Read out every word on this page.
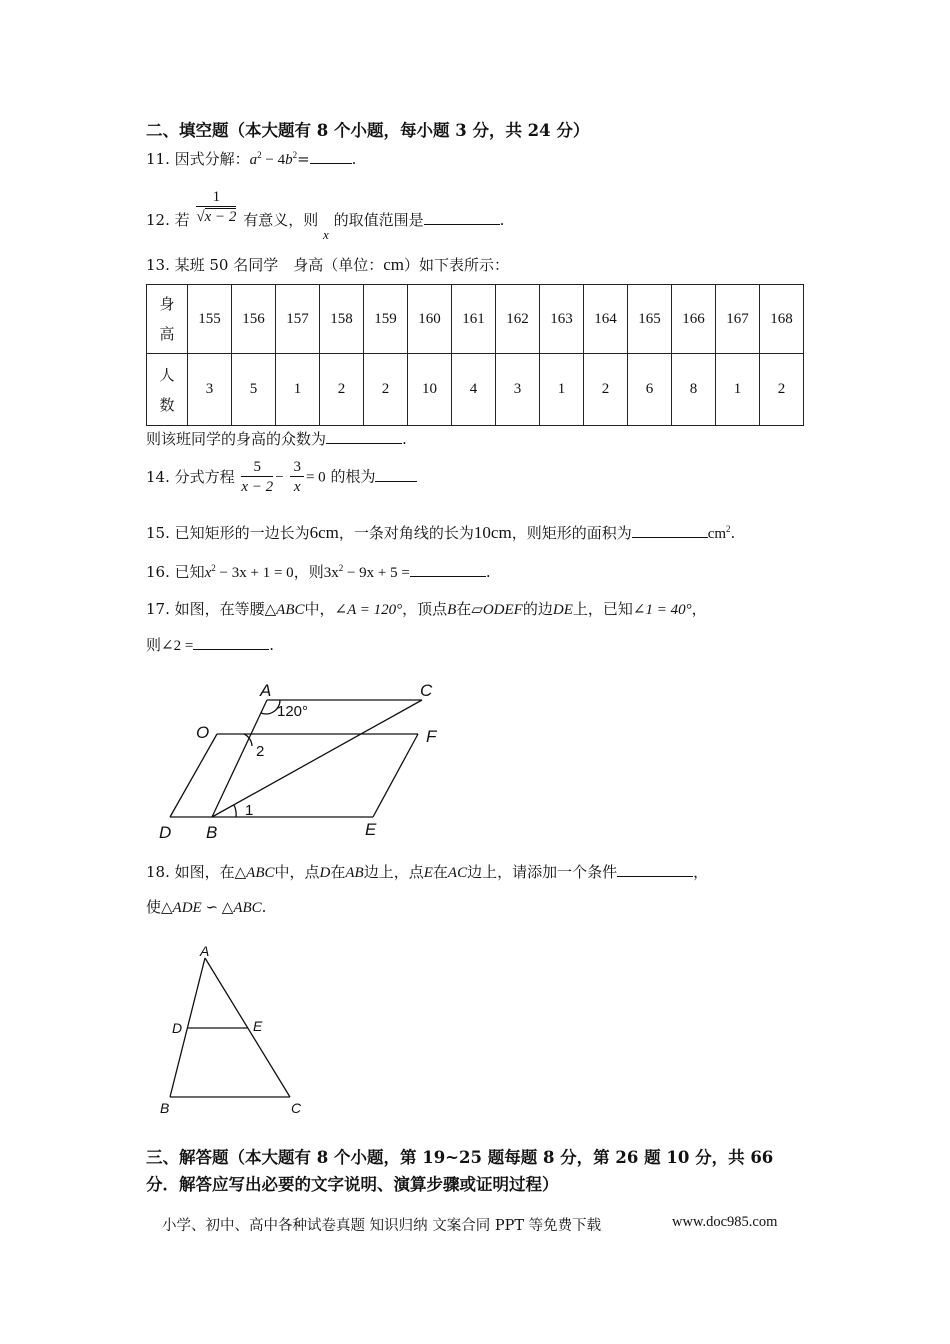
二、填空题（本大题有 8 个小题，每小题 3 分，共 24 分）
11. 因式分解：$a^2 - 4b^2=$	.
12. 若 $\frac{1}{√x - 2}$ 有意义，则 x 的取值范围是	.
13. 某班 50 名同学　身高（单位：cm）如下表所示：
身
高	155	156	157	158	159	160	161	162	163	164	165	166	167	168
人
数	3	5	1	2	2	10	4	3	1	2	6	8	1	2
则该班同学的身高的众数为	.
14. 分式方程 $\frac{5}{x - 2} - \frac{3}{x} = 0$ 的根为
15. 已知矩形的一边长为6cm，一条对角线的长为10cm，则矩形的面积为	$cm^2$.
16. 已知$x^2 - 3x + 1 = 0$，则$3x^2 - 9x + 5$ =	.
17. 如图，在等腰△ABC中，∠A = 120°，顶点B在▱ODEF的边DE上，已知∠1 = 40°，
则∠2 =	.
A	C
O	F
D B	E
120°
2
1
18. 如图，在△ABC中，点D在AB边上，点E在AC边上，请添加一个条件	，
使△ADE ∽ △ABC.
A
D	E
B	C
三、解答题（本大题有 8 个小题，第 19~25 题每题 8 分，第 26 题 10 分，共 66
分．解答应写出必要的文字说明、演算步骤或证明过程）
小学、初中、高中各种试卷真题 知识归纳 文案合同 PPT 等免费下载	www.doc985.com
